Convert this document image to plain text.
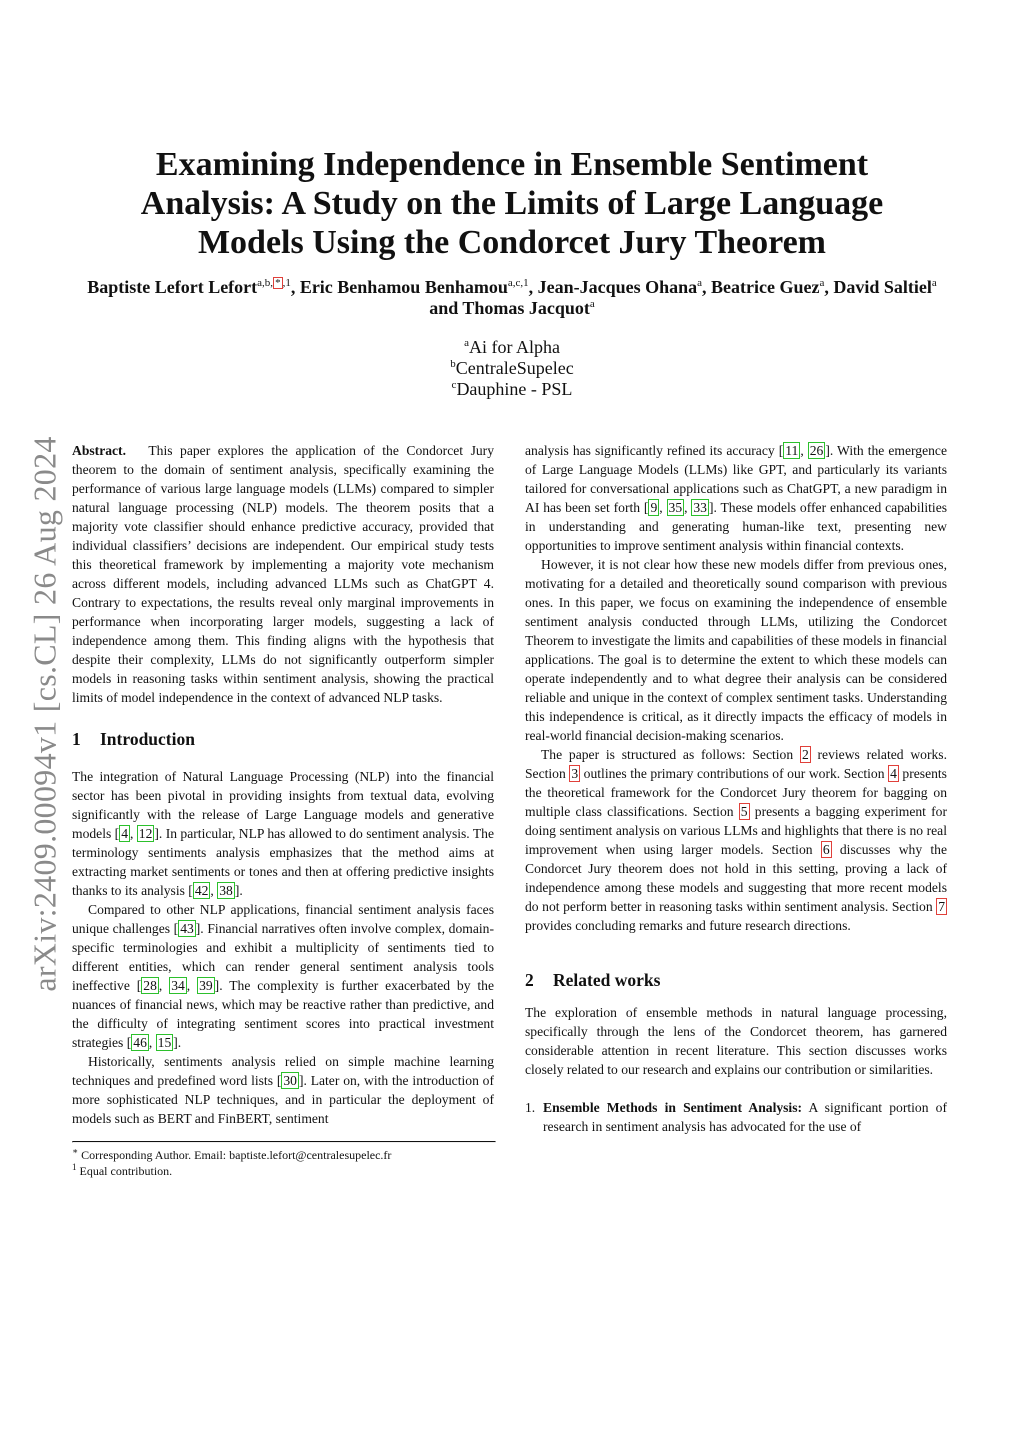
arXiv:2409.00094v1 [cs.CL] 26 Aug 2024
Examining Independence in Ensemble Sentiment Analysis: A Study on the Limits of Large Language Models Using the Condorcet Jury Theorem

Baptiste Lefort Lefort$^{a,b, * ,1}$, Eric Benhamou Benhamou$^{a,c,1}$, Jean-Jacques Ohana$^a$, Beatrice Guez$^a$, David Saltiel$^a$ and Thomas Jacquot$^a$

$^a$Ai for Alpha
$^b$CentraleSupelec
$^c$Dauphine - PSL

Abstract. This paper explores the application of the Condorcet Jury theorem to the domain of sentiment analysis, specifically examining the performance of various large language models (LLMs) compared to simpler natural language processing (NLP) models. The theorem posits that a majority vote classifier should enhance predictive accuracy, provided that individual classifiers’ decisions are independent. Our empirical study tests this theoretical framework by implementing a majority vote mechanism across different models, including advanced LLMs such as ChatGPT 4. Contrary to expectations, the results reveal only marginal improvements in performance when incorporating larger models, suggesting a lack of independence among them. This finding aligns with the hypothesis that despite their complexity, LLMs do not significantly outperform simpler models in reasoning tasks within sentiment analysis, showing the practical limits of model independence in the context of advanced NLP tasks.

1 Introduction

The integration of Natural Language Processing (NLP) into the financial sector has been pivotal in providing insights from textual data, evolving significantly with the release of Large Language models and generative models [ 4 , 12 ]. In particular, NLP has allowed to do sentiment analysis. The terminology sentiments analysis emphasizes that the method aims at extracting market sentiments or tones and then at offering predictive insights thanks to its analysis [ 42 , 38 ].

Compared to other NLP applications, financial sentiment analysis faces unique challenges [ 43 ]. Financial narratives often involve complex, domain-specific terminologies and exhibit a multiplicity of sentiments tied to different entities, which can render general sentiment analysis tools ineffective [ 28 , 34 , 39 ]. The complexity is further exacerbated by the nuances of financial news, which may be reactive rather than predictive, and the difficulty of integrating sentiment scores into practical investment strategies [ 46 , 15 ].

Historically, sentiments analysis relied on simple machine learning techniques and predefined word lists [ 30 ]. Later on, with the introduction of more sophisticated NLP techniques, and in particular the deployment of models such as BERT and FinBERT, sentiment

∗ Corresponding Author. Email: baptiste.lefort@centralesupelec.fr
$^1$ Equal contribution.

analysis has significantly refined its accuracy [ 11 , 26 ]. With the emergence of Large Language Models (LLMs) like GPT, and particularly its variants tailored for conversational applications such as ChatGPT, a new paradigm in AI has been set forth [ 9 , 35 , 33 ]. These models offer enhanced capabilities in understanding and generating human-like text, presenting new opportunities to improve sentiment analysis within financial contexts.

However, it is not clear how these new models differ from previous ones, motivating for a detailed and theoretically sound comparison with previous ones. In this paper, we focus on examining the independence of ensemble sentiment analysis conducted through LLMs, utilizing the Condorcet Theorem to investigate the limits and capabilities of these models in financial applications. The goal is to determine the extent to which these models can operate independently and to what degree their analysis can be considered reliable and unique in the context of complex sentiment tasks. Understanding this independence is critical, as it directly impacts the efficacy of models in real-world financial decision-making scenarios.

The paper is structured as follows: Section 2 reviews related works. Section 3 outlines the primary contributions of our work. Section 4 presents the theoretical framework for the Condorcet Jury theorem for bagging on multiple class classifications. Section 5 presents a bagging experiment for doing sentiment analysis on various LLMs and highlights that there is no real improvement when using larger models. Section 6 discusses why the Condorcet Jury theorem does not hold in this setting, proving a lack of independence among these models and suggesting that more recent models do not perform better in reasoning tasks within sentiment analysis. Section 7 provides concluding remarks and future research directions.

2 Related works

The exploration of ensemble methods in natural language processing, specifically through the lens of the Condorcet theorem, has garnered considerable attention in recent literature. This section discusses works closely related to our research and explains our contribution or similarities.

1. Ensemble Methods in Sentiment Analysis: A significant portion of research in sentiment analysis has advocated for the use of
